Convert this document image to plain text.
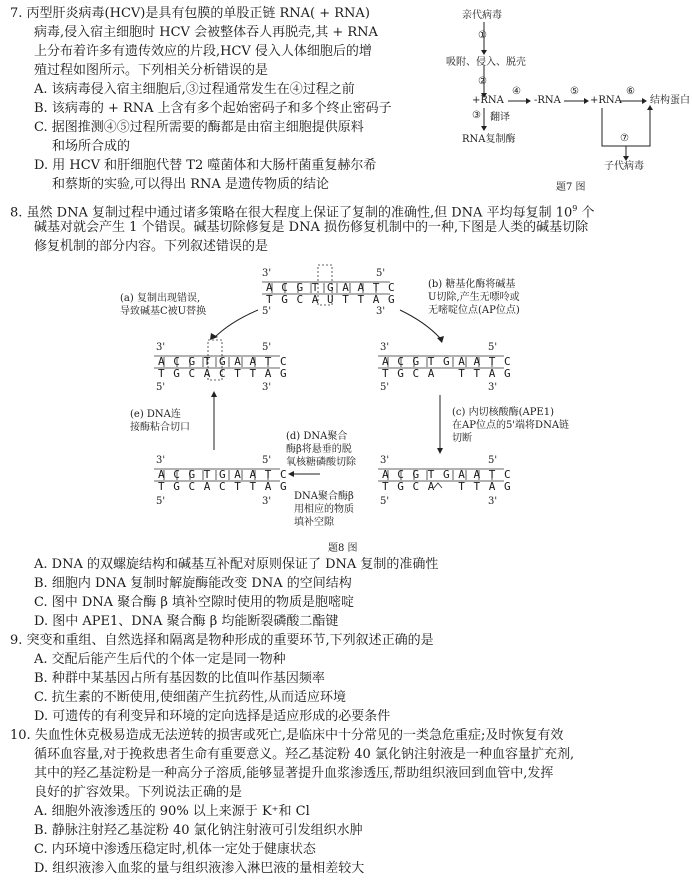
7. 丙型肝炎病毒(HCV)是具有包膜的单股正链 RNA( + RNA)
病毒,侵入宿主细胞时 HCV 会被整体吞人再脱壳,其 + RNA
上分布着许多有遗传效应的片段,HCV 侵入人体细胞后的增
殖过程如图所示。下列相关分析错误的是
A. 该病毒侵入宿主细胞后,③过程通常发生在④过程之前
B. 该病毒的 + RNA 上含有多个起始密码子和多个终止密码子
C. 据图推测④⑤过程所需要的酶都是由宿主细胞提供原料
和场所合成的
D. 用 HCV 和肝细胞代替 T2 噬菌体和大肠杆菌重复赫尔希
和蔡斯的实验,可以得出 RNA 是遗传物质的结论
亲代病毒
①
吸附、侵入、脱壳
②
+RNA
④
-RNA
⑤
+RNA
⑥
结构蛋白
③ 翻译
RNA复制酶	⑦
子代病毒
题7 图
8. 虽然 DNA 复制过程中通过诸多策略在很大程度上保证了复制的准确性,但 DNA 平均每复制 $10^9$ 个
碱基对就会产生 1 个错误。碱基切除修复是 DNA 损伤修复机制中的一种,下图是人类的碱基切除
修复机制的部分内容。下列叙述错误的是
3'	5'
5'	3'
A C G T G A A T C
T G C A U T T A G
3'	5'
A C G T G A A T C
T G C A C T T A G
5'	3'
3'	5'
A C G T G A A T C
T G C A   T T A G
5'	3'
3'	5'
A C G T G A A T C
T G C A C T T A G
5'	3'
3'	5'
A C G T G A A T C
T G C A   T T A G
5'	3'
(a) 复制出现错误,
导致碱基C被U替换
(b) 糖基化酶将碱基
U切除,产生无嘌呤或
无嘧啶位点(AP位点)
(c) 内切核酸酶(APE1)
在AP位点的5'端将DNA链
切断
(d) DNA聚合
酶β将悬垂的脱
氧核糖磷酸切除
DNA聚合酶β
用相应的物质
填补空隙
(e) DNA连
接酶粘合切口
题8 图
A. DNA 的双螺旋结构和碱基互补配对原则保证了 DNA 复制的准确性
B. 细胞内 DNA 复制时解旋酶能改变 DNA 的空间结构
C. 图中 DNA 聚合酶 β 填补空隙时使用的物质是胞嘧啶
D. 图中 APE1、DNA 聚合酶 β 均能断裂磷酸二酯键
9. 突变和重组、自然选择和隔离是物种形成的重要环节,下列叙述正确的是
A. 交配后能产生后代的个体一定是同一物种
B. 种群中某基因占所有基因数的比值叫作基因频率
C. 抗生素的不断使用,使细菌产生抗药性,从而适应环境
D. 可遗传的有利变异和环境的定向选择是适应形成的必要条件
10. 失血性休克极易造成无法逆转的损害或死亡,是临床中十分常见的一类急危重症;及时恢复有效
循环血容量,对于挽救患者生命有重要意义。羟乙基淀粉 40 氯化钠注射液是一种血容量扩充剂,
其中的羟乙基淀粉是一种高分子溶质,能够显著提升血浆渗透压,帮助组织液回到血管中,发挥
良好的扩容效果。下列说法正确的是
A. 细胞外液渗透压的 90% 以上来源于 K⁺和 Cl
B. 静脉注射羟乙基淀粉 40 氯化钠注射液可引发组织水肿
C. 内环境中渗透压稳定时,机体一定处于健康状态
D. 组织液渗入血浆的量与组织液渗入淋巴液的量相差较大
